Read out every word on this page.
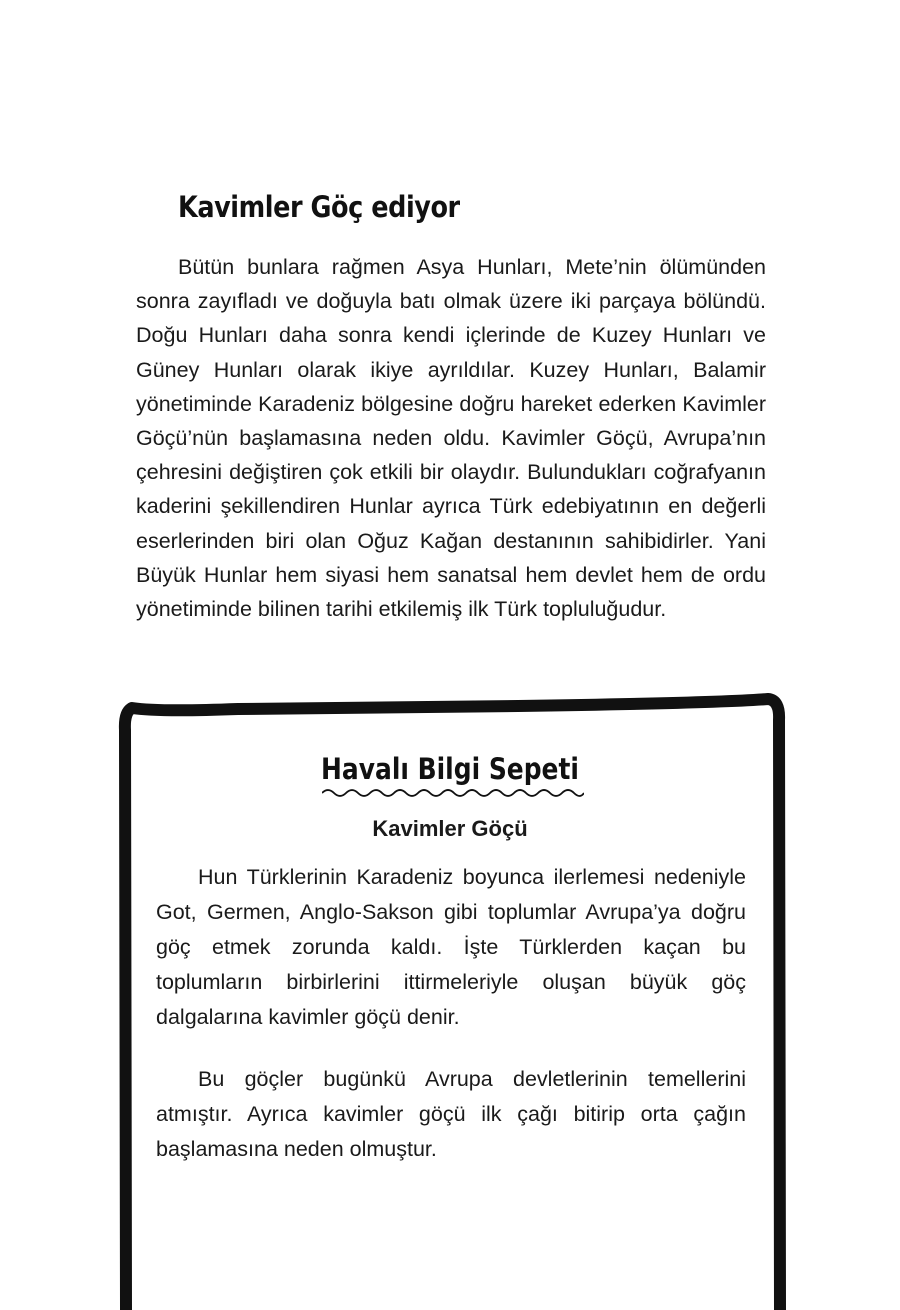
Kavimler Göç ediyor

Bütün bunlara rağmen Asya Hunları, Mete’nin ölümünden sonra zayıfladı ve doğuyla batı olmak üzere iki parçaya bölündü. Doğu Hunları daha sonra kendi içlerinde de Kuzey Hunları ve Güney Hunları olarak ikiye ayrıldılar. Kuzey Hunları, Balamir yönetiminde Karadeniz bölgesine doğru hareket ederken Kavimler Göçü’nün başlamasına neden oldu. Kavimler Göçü, Avrupa’nın çehresini değiştiren çok etkili bir olaydır. Bulundukları coğrafyanın kaderini şekillendiren Hunlar ayrıca Türk edebiyatının en değerli eserlerinden biri olan Oğuz Kağan destanının sahibidirler. Yani Büyük Hunlar hem siyasi hem sanatsal hem devlet hem de ordu yönetiminde bilinen tarihi etkilemiş ilk Türk topluluğudur.

Havalı Bilgi Sepeti
Kavimler Göçü

Hun Türklerinin Karadeniz boyunca ilerlemesi nedeniyle Got, Germen, Anglo-Sakson gibi toplumlar Avrupa’ya doğru göç etmek zorunda kaldı. İşte Türklerden kaçan bu toplumların birbirlerini ittirmeleriyle oluşan büyük göç dalgalarına kavimler göçü denir.

Bu göçler bugünkü Avrupa devletlerinin temellerini atmıştır. Ayrıca kavimler göçü ilk çağı bitirip orta çağın başlamasına neden olmuştur.
